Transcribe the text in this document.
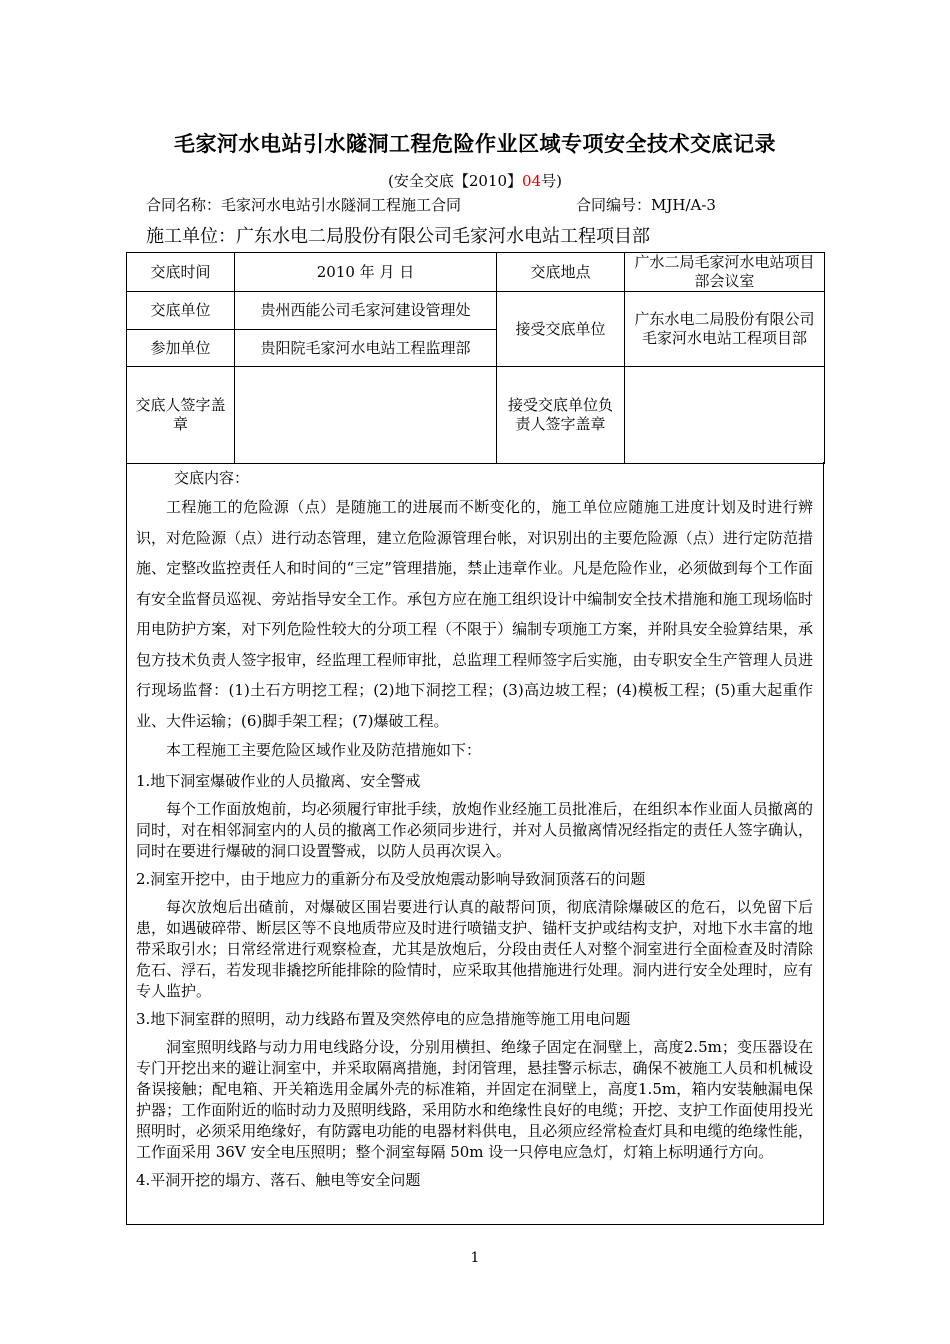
毛家河水电站引水隧洞工程危险作业区域专项安全技术交底记录
(安全交底【2010】04号)
合同名称：毛家河水电站引水隧洞工程施工合同	合同编号：MJH/A-3
施工单位：广东水电二局股份有限公司毛家河水电站工程项目部
交底时间	2010 年 月 日	交底地点	广水二局毛家河水电站项目部会议室
交底单位	贵州西能公司毛家河建设管理处	接受交底单位	广东水电二局股份有限公司毛家河水电站工程项目部
参加单位	贵阳院毛家河水电站工程监理部		
交底人签字盖章		接受交底单位负责人签字盖章	

交底内容：

工程施工的危险源（点）是随施工的进展而不断变化的，施工单位应随施工进度计划及时进行辨识，对危险源（点）进行动态管理，建立危险源管理台帐，对识别出的主要危险源（点）进行定防范措施、定整改监控责任人和时间的“三定”管理措施，禁止违章作业。凡是危险作业，必须做到每个工作面有安全监督员巡视、旁站指导安全工作。承包方应在施工组织设计中编制安全技术措施和施工现场临时用电防护方案，对下列危险性较大的分项工程（不限于）编制专项施工方案，并附具安全验算结果，承包方技术负责人签字报审，经监理工程师审批，总监理工程师签字后实施，由专职安全生产管理人员进行现场监督：(1)土石方明挖工程；(2)地下洞挖工程；(3)高边坡工程；(4)模板工程；(5)重大起重作业、大件运输；(6)脚手架工程；(7)爆破工程。

本工程施工主要危险区域作业及防范措施如下：

1.地下洞室爆破作业的人员撤离、安全警戒

每个工作面放炮前，均必须履行审批手续，放炮作业经施工员批准后，在组织本作业面人员撤离的同时，对在相邻洞室内的人员的撤离工作必须同步进行，并对人员撤离情况经指定的责任人签字确认，同时在要进行爆破的洞口设置警戒，以防人员再次误入。

2.洞室开挖中，由于地应力的重新分布及受放炮震动影响导致洞顶落石的问题

每次放炮后出碴前，对爆破区围岩要进行认真的敲帮问顶，彻底清除爆破区的危石，以免留下后患，如遇破碎带、断层区等不良地质带应及时进行喷锚支护、锚杆支护或结构支护，对地下水丰富的地带采取引水；日常经常进行观察检查，尤其是放炮后，分段由责任人对整个洞室进行全面检查及时清除危石、浮石，若发现非撬挖所能排除的险情时，应采取其他措施进行处理。洞内进行安全处理时，应有专人监护。

3.地下洞室群的照明，动力线路布置及突然停电的应急措施等施工用电问题

洞室照明线路与动力用电线路分设，分别用横担、绝缘子固定在洞壁上，高度2.5m；变压器设在专门开挖出来的避让洞室中，并采取隔离措施，封闭管理，悬挂警示标志，确保不被施工人员和机械设备误接触；配电箱、开关箱选用金属外壳的标准箱，并固定在洞壁上，高度1.5m，箱内安装触漏电保护器；工作面附近的临时动力及照明线路，采用防水和绝缘性良好的电缆；开挖、支护工作面使用投光照明时，必须采用绝缘好，有防露电功能的电器材料供电，且必须应经常检查灯具和电缆的绝缘性能，工作面采用 36V 安全电压照明；整个洞室每隔 50m 设一只停电应急灯，灯箱上标明通行方向。

4.平洞开挖的塌方、落石、触电等安全问题

1
